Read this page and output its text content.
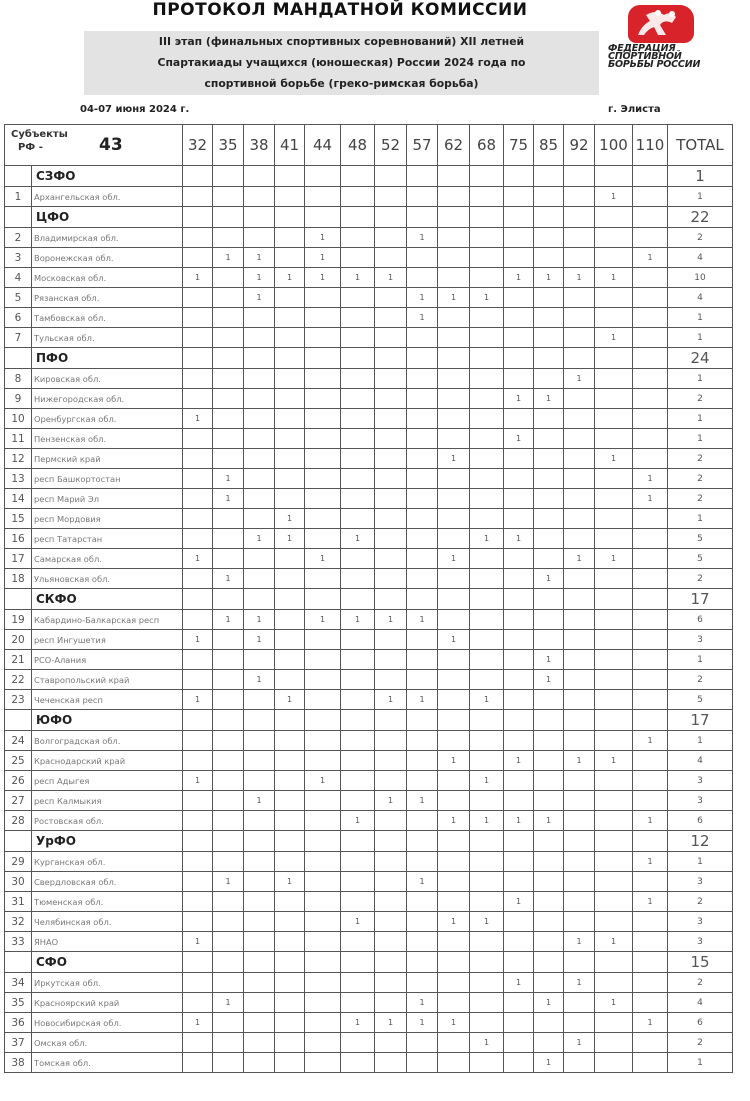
ПРОТОКОЛ МАНДАТНОЙ КОМИССИИ
III этап (финальных спортивных соревнований) XII летней
Спартакиады учащихся (юношеская) России 2024 года по
спортивной борьбе (греко-римская борьба)
ФЕДЕРАЦИЯ
СПОРТИВНОЙ
БОРЬБЫ РОССИИ
04-07 июня 2024 г.	г. Элиста
Субъекты
РФ - 43		32	35	38	41	44	48	52	57	62	68	75	85	92	100	110	TOTAL
	СЗФО																1
1	Архангельская обл.														1		1
	ЦФО																22
2	Владимирская обл.					1			1								2
3	Воронежская обл.		1	1		1										1	4
4	Московская обл.	1		1	1	1	1	1				1	1	1	1		10
5	Рязанская обл.			1					1	1	1						4
6	Тамбовская обл.								1								1
7	Тульская обл.														1		1
	ПФО																24
8	Кировская обл.													1			1
9	Нижегородская обл.											1	1				2
10	Оренбургская обл.	1															1
11	Пензенская обл.											1					1
12	Пермский край									1					1		2
13	респ Башкортостан		1													1	2
14	респ Марий Эл		1													1	2
15	респ Мордовия				1												1
16	респ Татарстан			1	1		1				1	1					5
17	Самарская обл.	1				1				1				1	1		5
18	Ульяновская обл.		1										1				2
	СКФО																17
19	Кабардино-Балкарская респ		1	1		1	1	1	1								6
20	респ Ингушетия	1		1						1							3
21	РСО-Алания												1				1
22	Ставропольский край			1									1				2
23	Чеченская респ	1			1			1	1		1						5
	ЮФО																17
24	Волгоградская обл.															1	1
25	Краснодарский край									1		1		1	1		4
26	респ Адыгея	1				1					1						3
27	респ Калмыкия			1				1	1								3
28	Ростовская обл.						1			1	1	1	1			1	6
	УрФО																12
29	Курганская обл.															1	1
30	Свердловская обл.		1		1				1								3
31	Тюменская обл.											1				1	2
32	Челябинская обл.						1			1	1						3
33	ЯНАО	1												1	1		3
	СФО																15
34	Иркутская обл.											1		1			2
35	Красноярский край		1						1				1		1		4
36	Новосибирская обл.	1					1	1	1	1						1	6
37	Омская обл.										1			1			2
38	Томская обл.												1				1
